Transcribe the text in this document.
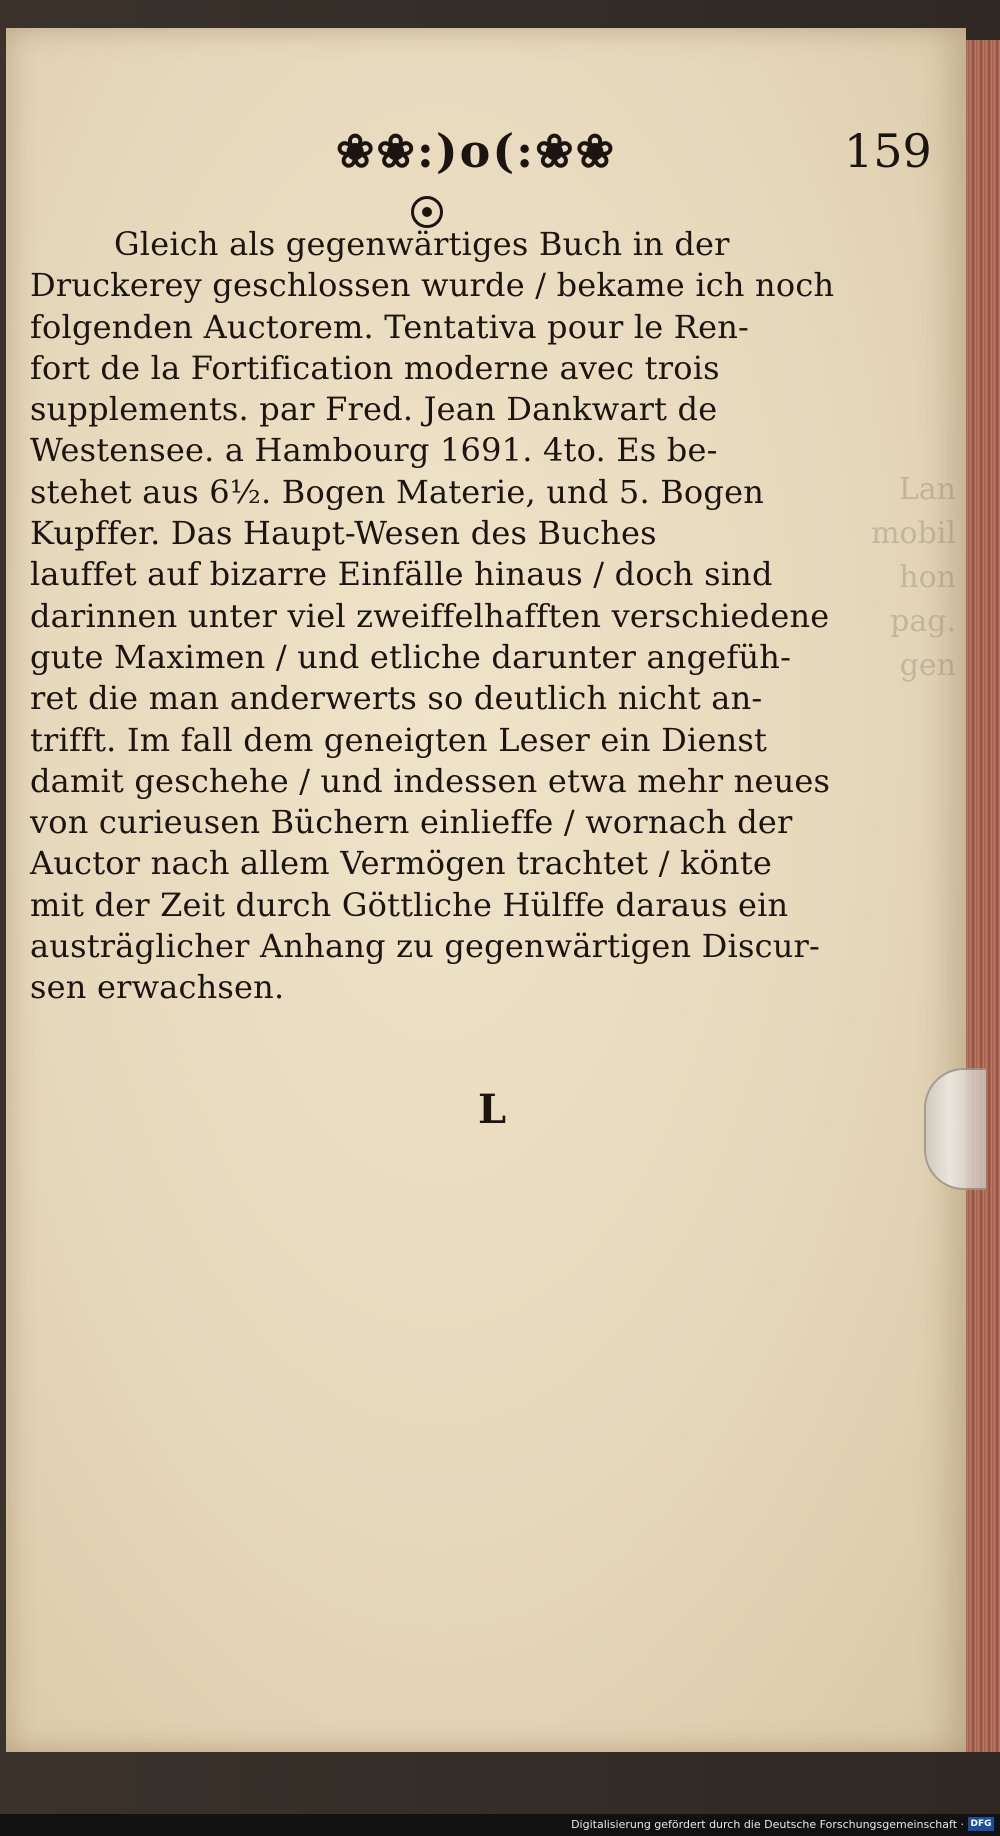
Lan
mobil
hon
pag.
gen
❀❀:)o(:❀❀	159
Gleich als gegenwärtiges Buch in der
Druckerey geschlossen wurde / bekame ich noch
folgenden Auctorem. Tentativa pour le Ren-
fort de la Fortification moderne avec trois
supplements. par Fred. Jean Dankwart de
Westensee. a Hambourg 1691. 4to. Es be-
stehet aus 6½. Bogen Materie, und 5. Bogen
Kupffer. Das Haupt-Wesen des Buches
lauffet auf bizarre Einfälle hinaus / doch sind
darinnen unter viel zweiffelhafften verschiedene
gute Maximen / und etliche darunter angefüh-
ret die man anderwerts so deutlich nicht an-
trifft. Im fall dem geneigten Leser ein Dienst
damit geschehe / und indessen etwa mehr neues
von curieusen Büchern einlieffe / wornach der
Auctor nach allem Vermögen trachtet / könte
mit der Zeit durch Göttliche Hülffe daraus ein
austräglicher Anhang zu gegenwärtigen Discur-
sen erwachsen.
L
Digitalisierung gefördert durch die Deutsche Forschungsgemeinschaft · DFG
